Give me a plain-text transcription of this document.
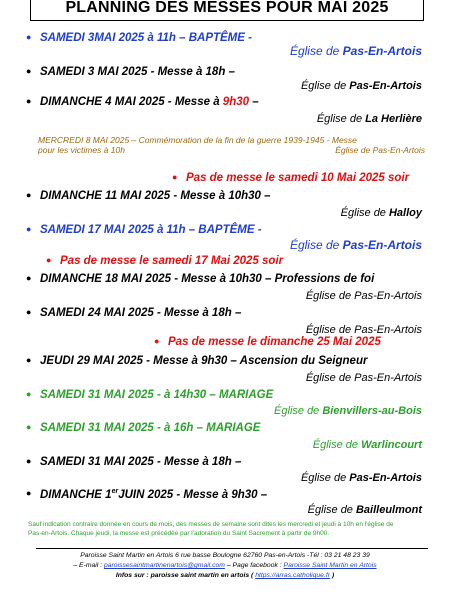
PLANNING DES MESSES POUR MAI 2025
● SAMEDI 3MAI 2025 à 11h – BAPTÊME -
Église de Pas-En-Artois
● SAMEDI 3 MAI 2025 - Messe à 18h –
Église de Pas-En-Artois
● DIMANCHE 4 MAI 2025 - Messe à 9h30 –
Église de La Herlière
MERCREDI 8 MAI 2025 – Commémoration de la fin de la guerre 1939-1945 - Messe
pour les victimes à 10h	Église de Pas-En-Artois
● Pas de messe le samedi 10 Mai 2025 soir
● DIMANCHE 11 MAI 2025 - Messe à 10h30 –
Église de Halloy
● SAMEDI 17 MAI 2025 à 11h – BAPTÊME -
Église de Pas-En-Artois
● Pas de messe le samedi 17 Mai 2025 soir
● DIMANCHE 18 MAI 2025 - Messe à 10h30 – Professions de foi
Église de Pas-En-Artois
● SAMEDI 24 MAI 2025 - Messe à 18h –
Église de Pas-En-Artois
● Pas de messe le dimanche 25 Mai 2025
● JEUDI 29 MAI 2025 - Messe à 9h30 – Ascension du Seigneur
Église de Pas-En-Artois
● SAMEDI 31 MAI 2025 - à 14h30 – MARIAGE
Église de Bienvillers-au-Bois
● SAMEDI 31 MAI 2025 - à 16h – MARIAGE
Église de Warlincourt
● SAMEDI 31 MAI 2025 - Messe à 18h –
Église de Pas-En-Artois
● DIMANCHE 1erJUIN 2025 - Messe à 9h30 –
Église de Bailleulmont
Sauf indication contraire donnée en cours de mois, des messes de semaine sont dites les mercredi et jeudi à 10h en l'église de
Pas-en-Artois. Chaque jeudi, la messe est précédée par l'adoration du Saint Sacrement à partir de 9h00.
Paroisse Saint Martin en Artois 6 rue basse Boulogne 62760 Pas-en-Artois -Tél : 03 21 48 23 39
– E-mail : paroissesaintmartinenartois@gmail.com – Page facebook : Paroisse Saint Martin en Artois
Infos sur : paroisse saint martin en artois ( https://arras.catholique.fr )
